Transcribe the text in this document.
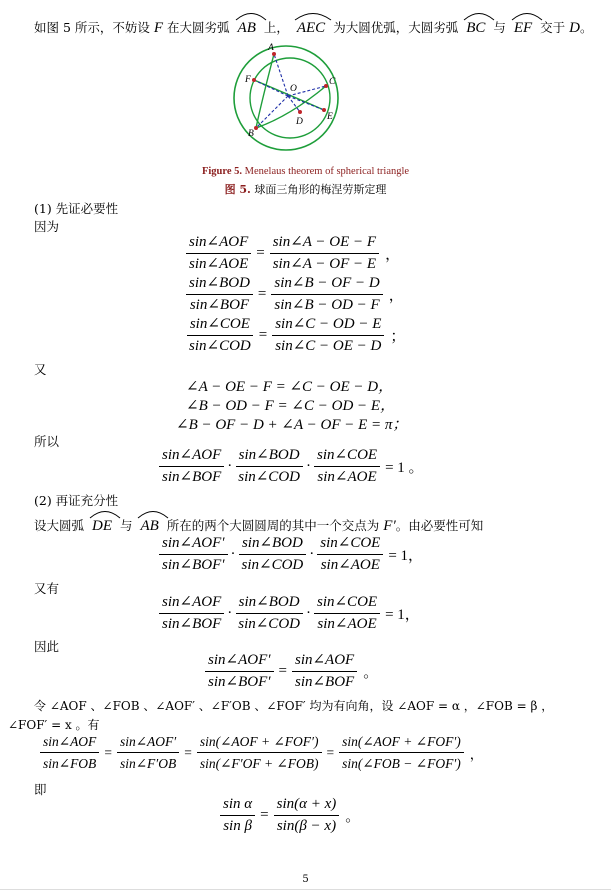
如图 5 所示，不妨设 F 在大圆劣弧 AB 上， AEC 为大圆优弧，大圆劣弧 BC 与 EF 交于 D。
A
B
C
D	E
F
O
Figure 5. Menelaus theorem of spherical triangle
图 5. 球面三角形的梅涅劳斯定理
(1) 先证必要性
因为
$\frac{\text{sin∠AOF}}{\text{sin∠AOE}} = \frac{\sin\angle A - OE - F}{\sin\angle A - OF - E}$ ，
$\frac{\text{sin∠BOD}}{\text{sin∠BOF}} = \frac{\sin\angle B - OF - D}{\sin\angle B - OD - F}$ ，
$\frac{\text{sin∠COE}}{\text{sin∠COD}} = \frac{\sin\angle C - OD - E}{\sin\angle C - OE - D}$ ；
又
∠A − OE − F = ∠C − OE − D，
∠B − OD − F = ∠C − OD − E，
∠B − OF − D + ∠A − OF − E = π；
所以
$\frac{\text{sin∠AOF}}{\text{sin∠BOF}} \cdot \frac{\text{sin∠BOD}}{\text{sin∠COD}} \cdot \frac{\text{sin∠COE}}{\text{sin∠AOE}} = 1$ 。
(2) 再证充分性
设大圆弧 DE 与 AB 所在的两个大圆圆周的其中一个交点为 F′。由必要性可知
$\frac{\text{sin∠AOF′}}{\text{sin∠BOF′}} \cdot \frac{\text{sin∠BOD}}{\text{sin∠COD}} \cdot \frac{\text{sin∠COE}}{\text{sin∠AOE}} = 1$，
又有
$\frac{\text{sin∠AOF}}{\text{sin∠BOF}} \cdot \frac{\text{sin∠BOD}}{\text{sin∠COD}} \cdot \frac{\text{sin∠COE}}{\text{sin∠AOE}} = 1$，
因此
$\frac{\text{sin∠AOF′}}{\text{sin∠BOF′}} = \frac{\text{sin∠AOF}}{\text{sin∠BOF}}$ 。
令 ∠AOF 、∠FOB 、∠AOF′ 、∠F′OB 、∠FOF′ 均为有向角，设 ∠AOF = α ，∠FOB = β ，
∠FOF′ = x 。有
$\frac{\text{sin∠AOF}}{\text{sin∠FOB}} = \frac{\text{sin∠AOF′}}{\sin\angle F'OB} = \frac{\text{sin(∠AOF + ∠FOF′)}}{\text{sin(∠F′OF + ∠FOB)}} = \frac{\text{sin(∠AOF + ∠FOF′)}}{\text{sin(∠FOB − ∠FOF′)}}$ ，
即
$\frac{\text{sin α}}{\text{sin β}} = \frac{\sin(\alpha + x)}{\sin(\beta - x)}$ 。
5
